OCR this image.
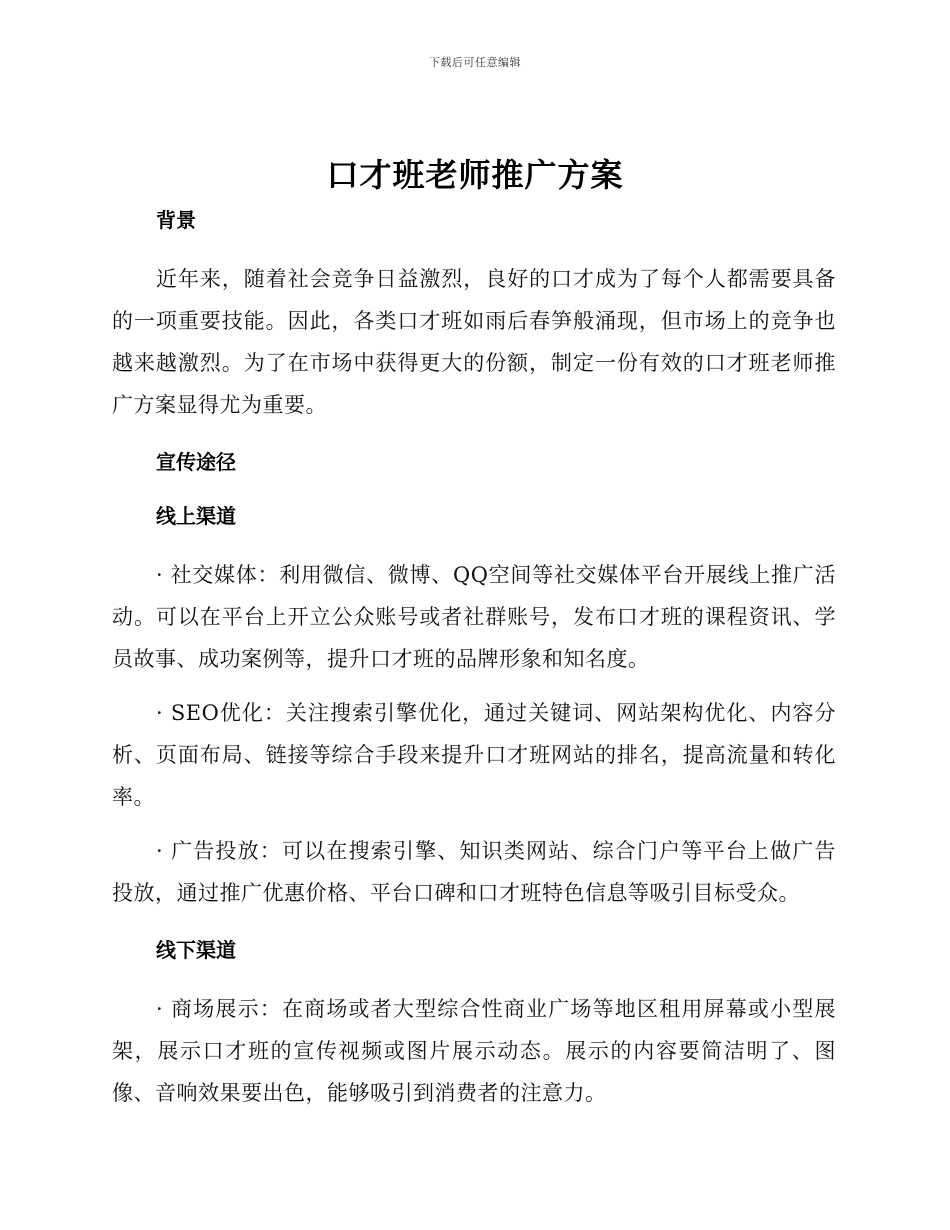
下载后可任意编辑
口才班老师推广方案
背景

近年来，随着社会竞争日益激烈，良好的口才成为了每个人都需要具备的一项重要技能。因此，各类口才班如雨后春笋般涌现，但市场上的竞争也越来越激烈。为了在市场中获得更大的份额，制定一份有效的口才班老师推广方案显得尤为重要。

宣传途径
线上渠道

· 社交媒体：利用微信、微博、QQ空间等社交媒体平台开展线上推广活动。可以在平台上开立公众账号或者社群账号，发布口才班的课程资讯、学员故事、成功案例等，提升口才班的品牌形象和知名度。

· SEO优化：关注搜索引擎优化，通过关键词、网站架构优化、内容分析、页面布局、链接等综合手段来提升口才班网站的排名，提高流量和转化率。

· 广告投放：可以在搜索引擎、知识类网站、综合门户等平台上做广告投放，通过推广优惠价格、平台口碑和口才班特色信息等吸引目标受众。

线下渠道

· 商场展示：在商场或者大型综合性商业广场等地区租用屏幕或小型展架，展示口才班的宣传视频或图片展示动态。展示的内容要简洁明了、图像、音响效果要出色，能够吸引到消费者的注意力。
